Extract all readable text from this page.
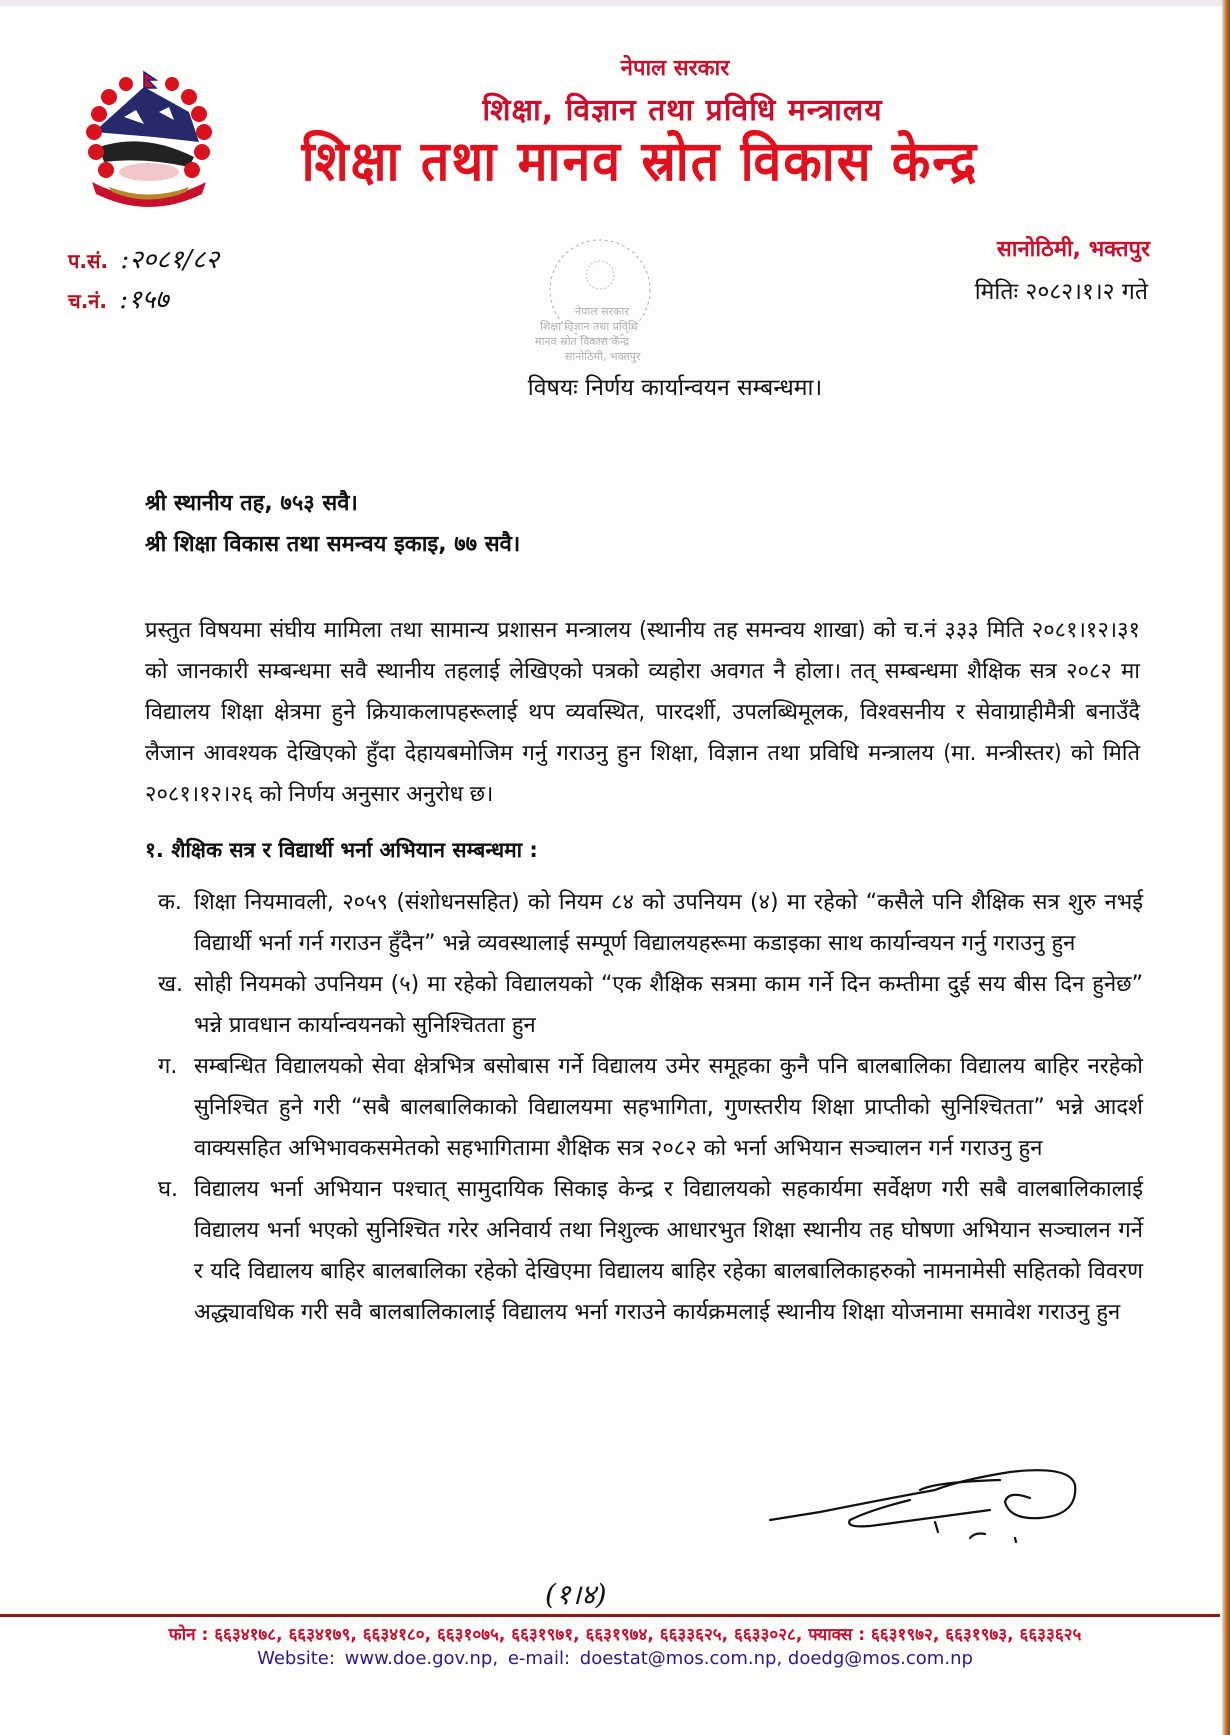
नेपाल सरकार
शिक्षा, विज्ञान तथा प्रविधि मन्त्रालय
शिक्षा तथा मानव स्रोत विकास केन्द्र
प.सं. :२०८१/८२
च.नं. :१५७
सानोठिमी, भक्तपुर
मितिः २०८२।१।२ गते
नेपाल सरकार
शिक्षा विज्ञान तथा प्रविधि
मानव स्रोत विकास केन्द्र
सानोठिमी, भक्तपुर
विषयः निर्णय कार्यान्वयन सम्बन्धमा।
श्री स्थानीय तह, ७५३ सवै।
श्री शिक्षा विकास तथा समन्वय इकाइ, ७७ सवै।
प्रस्तुत विषयमा संघीय मामिला तथा सामान्य प्रशासन मन्त्रालय (स्थानीय तह समन्वय शाखा) को च.नं ३३३ मिति २०८१।१२।३१ को जानकारी सम्बन्धमा सवै स्थानीय तहलाई लेखिएको पत्रको व्यहोरा अवगत नै होला। तत् सम्बन्धमा शैक्षिक सत्र २०८२ मा विद्यालय शिक्षा क्षेत्रमा हुने क्रियाकलापहरूलाई थप व्यवस्थित, पारदर्शी, उपलब्धिमूलक, विश्वसनीय र सेवाग्राहीमैत्री बनाउँदै लैजान आवश्यक देखिएको हुँदा देहायबमोजिम गर्नु गराउनु हुन शिक्षा, विज्ञान तथा प्रविधि मन्त्रालय (मा. मन्त्रीस्तर) को मिति २०८१।१२।२६ को निर्णय अनुसार अनुरोध छ।
१. शैक्षिक सत्र र विद्यार्थी भर्ना अभियान सम्बन्धमा :
क. शिक्षा नियमावली, २०५९ (संशोधनसहित) को नियम ८४ को उपनियम (४) मा रहेको “कसैले पनि शैक्षिक सत्र शुरु नभई विद्यार्थी भर्ना गर्न गराउन हुँदैन” भन्ने व्यवस्थालाई सम्पूर्ण विद्यालयहरूमा कडाइका साथ कार्यान्वयन गर्नु गराउनु हुन
ख. सोही नियमको उपनियम (५) मा रहेको विद्यालयको “एक शैक्षिक सत्रमा काम गर्ने दिन कम्तीमा दुई सय बीस दिन हुनेछ” भन्ने प्रावधान कार्यान्वयनको सुनिश्चितता हुन
ग. सम्बन्धित विद्यालयको सेवा क्षेत्रभित्र बसोबास गर्ने विद्यालय उमेर समूहका कुनै पनि बालबालिका विद्यालय बाहिर नरहेको सुनिश्चित हुने गरी “सबै बालबालिकाको विद्यालयमा सहभागिता, गुणस्तरीय शिक्षा प्राप्तीको सुनिश्चितता” भन्ने आदर्श वाक्यसहित अभिभावकसमेतको सहभागितामा शैक्षिक सत्र २०८२ को भर्ना अभियान सञ्चालन गर्न गराउनु हुन
घ. विद्यालय भर्ना अभियान पश्चात् सामुदायिक सिकाइ केन्द्र र विद्यालयको सहकार्यमा सर्वेक्षण गरी सबै वालबालिकालाई विद्यालय भर्ना भएको सुनिश्चित गरेर अनिवार्य तथा निशुल्क आधारभुत शिक्षा स्थानीय तह घोषणा अभियान सञ्चालन गर्ने र यदि विद्यालय बाहिर बालबालिका रहेको देखिएमा विद्यालय बाहिर रहेका बालबालिकाहरुको नामनामेसी सहितको विवरण अद्ध्यावधिक गरी सवै बालबालिकालाई विद्यालय भर्ना गराउने कार्यक्रमलाई स्थानीय शिक्षा योजनामा समावेश गराउनु हुन
(१।४)
फोन : ६६३४१७८, ६६३४१७९, ६६३४१८०, ६६३१०७५, ६६३१९७१, ६६३१९७४, ६६३३६२५, ६६३३०२८, फ्याक्स : ६६३१९७२, ६६३१९७३, ६६३३६२५
Website: www.doe.gov.np, e-mail: doestat@mos.com.np, doedg@mos.com.np
